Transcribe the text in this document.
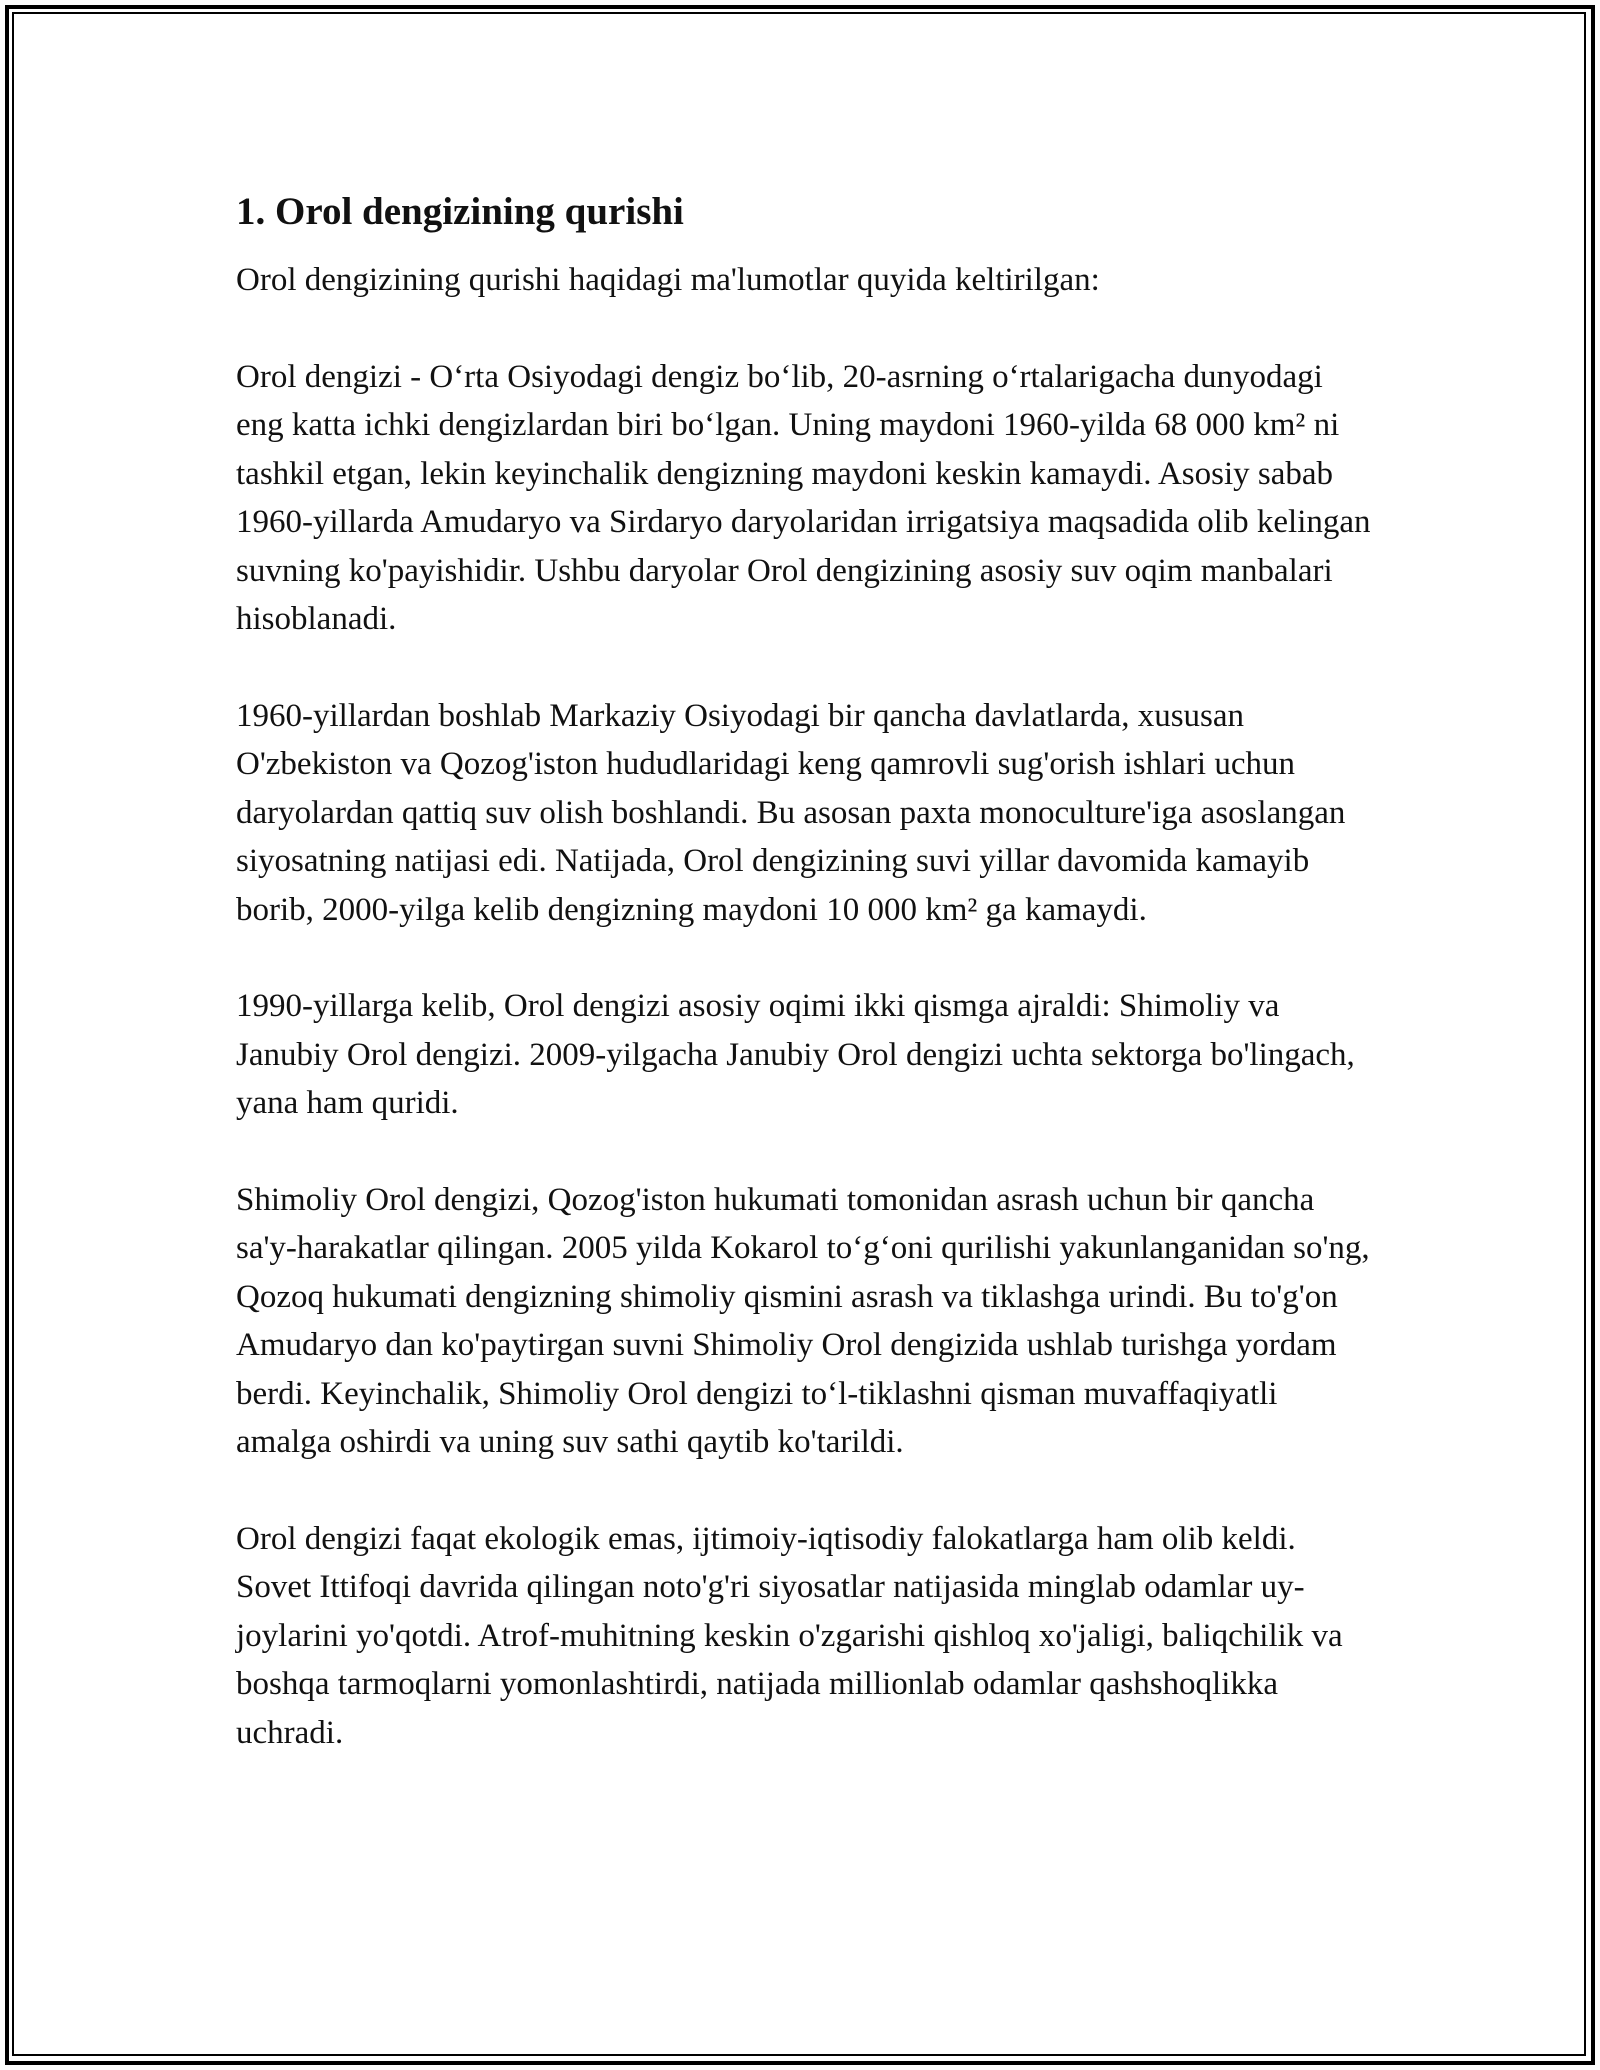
1. Orol dengizining qurishi

Orol dengizining qurishi haqidagi ma'lumotlar quyida keltirilgan:

Orol dengizi - O‘rta Osiyodagi dengiz bo‘lib, 20-asrning o‘rtalarigacha dunyodagi eng katta ichki dengizlardan biri bo‘lgan. Uning maydoni 1960-yilda 68 000 km² ni tashkil etgan, lekin keyinchalik dengizning maydoni keskin kamaydi. Asosiy sabab 1960-yillarda Amudaryo va Sirdaryo daryolaridan irrigatsiya maqsadida olib kelingan suvning ko'payishidir. Ushbu daryolar Orol dengizining asosiy suv oqim manbalari hisoblanadi.

1960-yillardan boshlab Markaziy Osiyodagi bir qancha davlatlarda, xususan O'zbekiston va Qozog'iston hududlaridagi keng qamrovli sug'orish ishlari uchun daryolardan qattiq suv olish boshlandi. Bu asosan paxta monoculture'iga asoslangan siyosatning natijasi edi. Natijada, Orol dengizining suvi yillar davomida kamayib borib, 2000-yilga kelib dengizning maydoni 10 000 km² ga kamaydi.

1990-yillarga kelib, Orol dengizi asosiy oqimi ikki qismga ajraldi: Shimoliy va Janubiy Orol dengizi. 2009-yilgacha Janubiy Orol dengizi uchta sektorga bo'lingach, yana ham quridi.

Shimoliy Orol dengizi, Qozog'iston hukumati tomonidan asrash uchun bir qancha sa'y-harakatlar qilingan. 2005 yilda Kokarol to‘g‘oni qurilishi yakunlanganidan so'ng, Qozoq hukumati dengizning shimoliy qismini asrash va tiklashga urindi. Bu to'g'on Amudaryo dan ko'paytirgan suvni Shimoliy Orol dengizida ushlab turishga yordam berdi. Keyinchalik, Shimoliy Orol dengizi to‘l-tiklashni qisman muvaffaqiyatli amalga oshirdi va uning suv sathi qaytib ko'tarildi.

Orol dengizi faqat ekologik emas, ijtimoiy-iqtisodiy falokatlarga ham olib keldi. Sovet Ittifoqi davrida qilingan noto'g'ri siyosatlar natijasida minglab odamlar uy-joylarini yo'qotdi. Atrof-muhitning keskin o'zgarishi qishloq xo'jaligi, baliqchilik va boshqa tarmoqlarni yomonlashtirdi, natijada millionlab odamlar qashshoqlikka uchradi.
